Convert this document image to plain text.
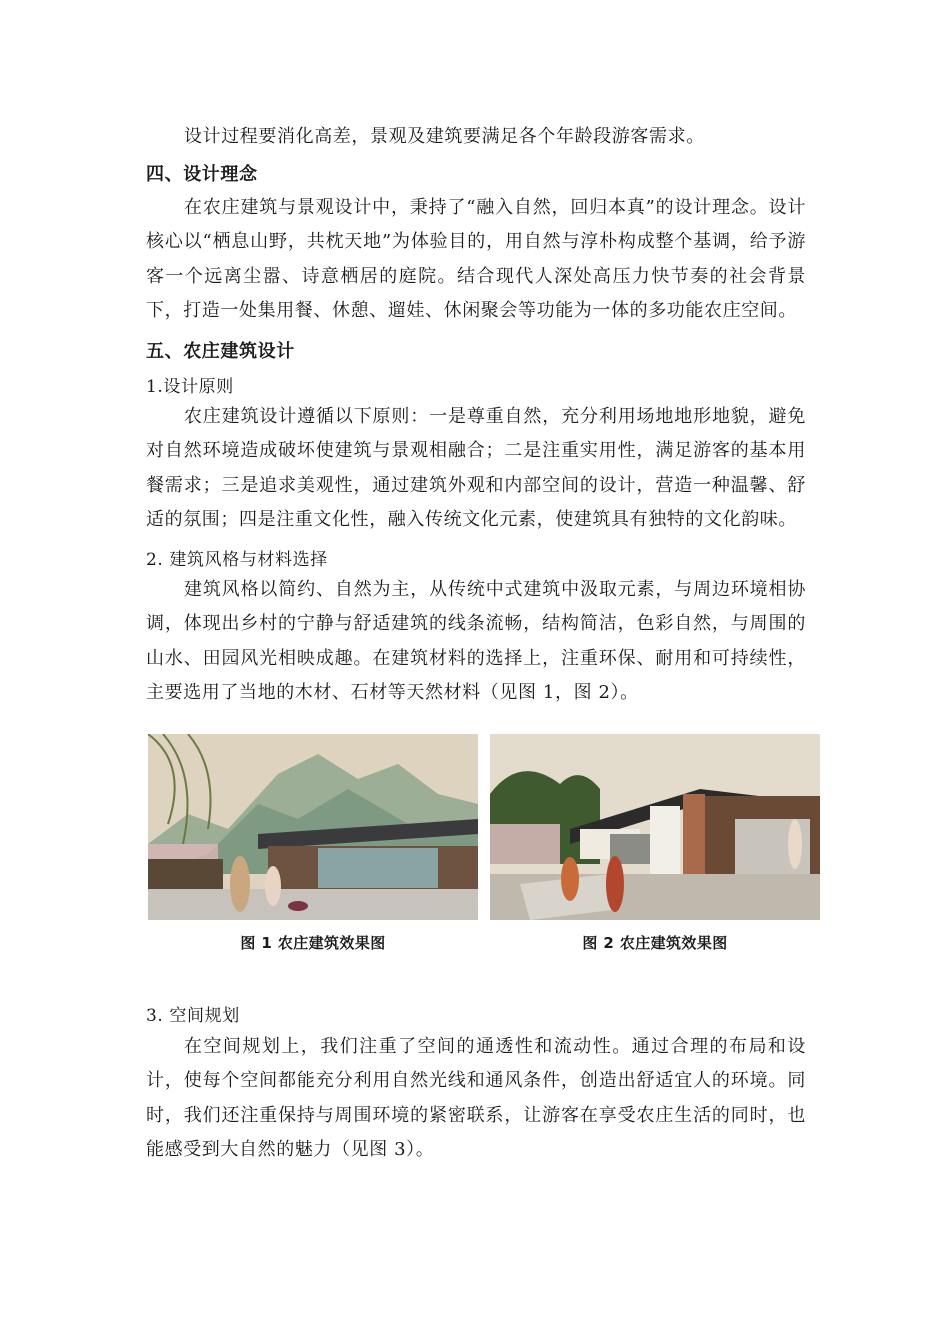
设计过程要消化高差，景观及建筑要满足各个年龄段游客需求。
四、设计理念
在农庄建筑与景观设计中，秉持了“融入自然，回归本真”的设计理念。设计核心以“栖息山野，共枕天地”为体验目的，用自然与淳朴构成整个基调，给予游客一个远离尘嚣、诗意栖居的庭院。结合现代人深处高压力快节奏的社会背景下，打造一处集用餐、休憩、遛娃、休闲聚会等功能为一体的多功能农庄空间。
五、农庄建筑设计
1.设计原则
农庄建筑设计遵循以下原则：一是尊重自然，充分利用场地地形地貌，避免对自然环境造成破坏使建筑与景观相融合；二是注重实用性，满足游客的基本用餐需求；三是追求美观性，通过建筑外观和内部空间的设计，营造一种温馨、舒适的氛围；四是注重文化性，融入传统文化元素，使建筑具有独特的文化韵味。
2. 建筑风格与材料选择
建筑风格以简约、自然为主，从传统中式建筑中汲取元素，与周边环境相协调，体现出乡村的宁静与舒适建筑的线条流畅，结构简洁，色彩自然，与周围的山水、田园风光相映成趣。在建筑材料的选择上，注重环保、耐用和可持续性，主要选用了当地的木材、石材等天然材料（见图 1，图 2）。
图 1 农庄建筑效果图	图 2 农庄建筑效果图
3. 空间规划
在空间规划上，我们注重了空间的通透性和流动性。通过合理的布局和设计，使每个空间都能充分利用自然光线和通风条件，创造出舒适宜人的环境。同时，我们还注重保持与周围环境的紧密联系，让游客在享受农庄生活的同时，也能感受到大自然的魅力（见图 3）。
